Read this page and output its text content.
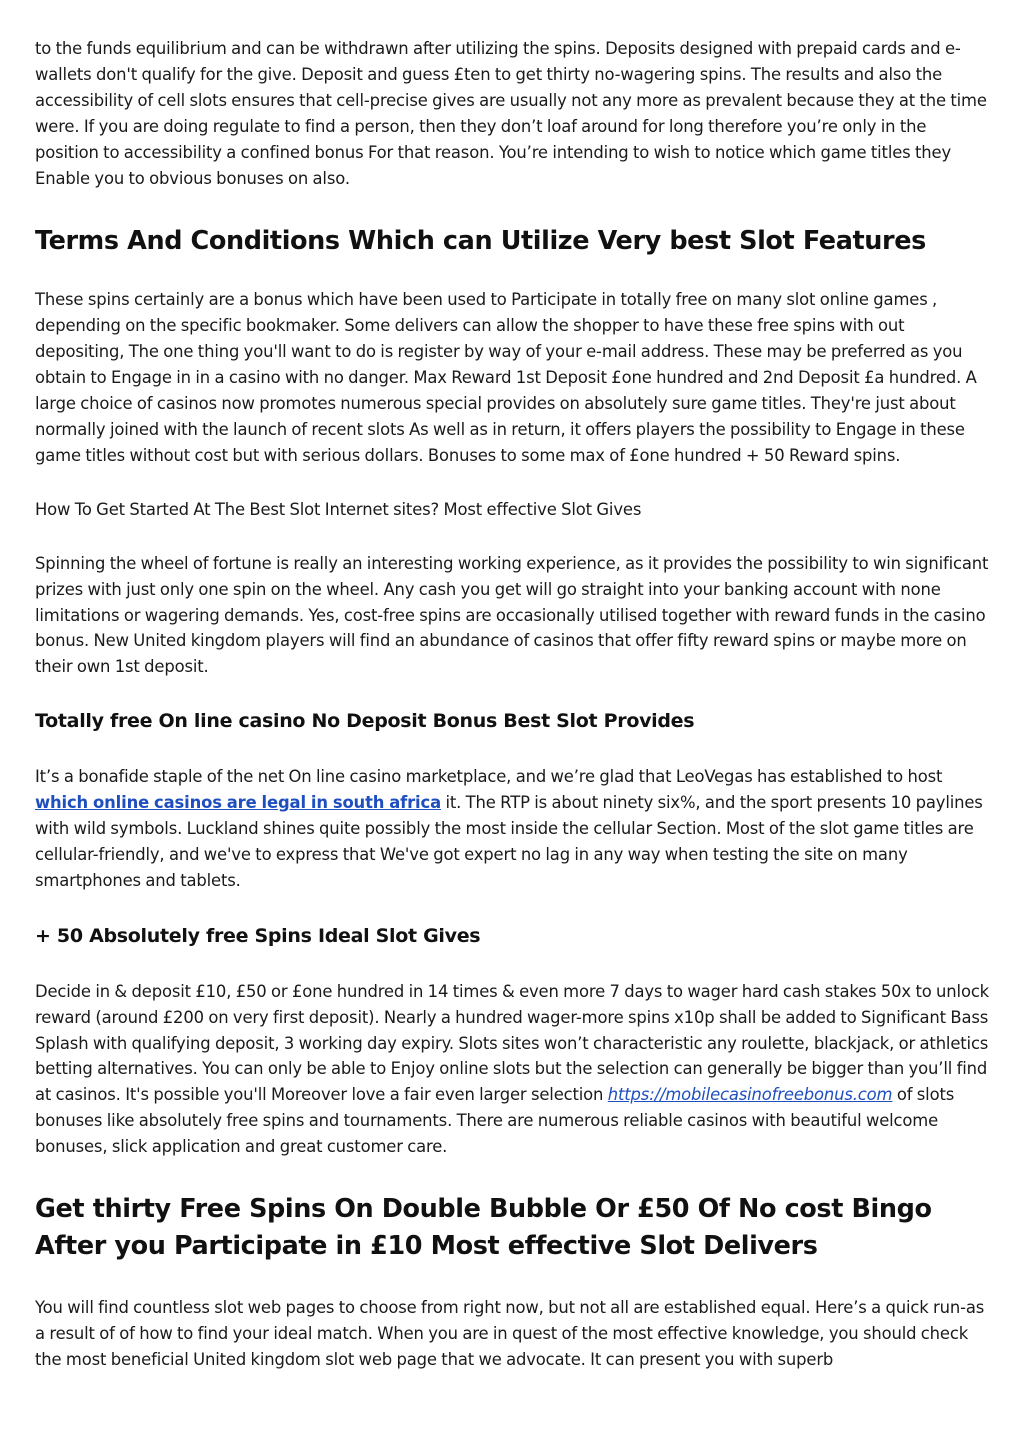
to the funds equilibrium and can be withdrawn after utilizing the spins. Deposits designed with prepaid cards and e-wallets don't qualify for the give. Deposit and guess £ten to get thirty no-wagering spins. The results and also the accessibility of cell slots ensures that cell-precise gives are usually not any more as prevalent because they at the time were. If you are doing regulate to find a person, then they don’t loaf around for long therefore you’re only in the position to accessibility a confined bonus For that reason. You’re intending to wish to notice which game titles they Enable you to obvious bonuses on also.

Terms And Conditions Which can Utilize Very best Slot Features

These spins certainly are a bonus which have been used to Participate in totally free on many slot online games , depending on the specific bookmaker. Some delivers can allow the shopper to have these free spins with out depositing, The one thing you'll want to do is register by way of your e-mail address. These may be preferred as you obtain to Engage in in a casino with no danger. Max Reward 1st Deposit £one hundred and 2nd Deposit £a hundred. A large choice of casinos now promotes numerous special provides on absolutely sure game titles. They're just about normally joined with the launch of recent slots As well as in return, it offers players the possibility to Engage in these game titles without cost but with serious dollars. Bonuses to some max of £one hundred + 50 Reward spins.

How To Get Started At The Best Slot Internet sites? Most effective Slot Gives

Spinning the wheel of fortune is really an interesting working experience, as it provides the possibility to win significant prizes with just only one spin on the wheel. Any cash you get will go straight into your banking account with none limitations or wagering demands. Yes, cost-free spins are occasionally utilised together with reward funds in the casino bonus. New United kingdom players will find an abundance of casinos that offer fifty reward spins or maybe more on their own 1st deposit.

Totally free On line casino No Deposit Bonus Best Slot Provides

It’s a bonafide staple of the net On line casino marketplace, and we’re glad that LeoVegas has established to host which online casinos are legal in south africa it. The RTP is about ninety six%, and the sport presents 10 paylines with wild symbols. Luckland shines quite possibly the most inside the cellular Section. Most of the slot game titles are cellular-friendly, and we've to express that We've got expert no lag in any way when testing the site on many smartphones and tablets.

+ 50 Absolutely free Spins Ideal Slot Gives

Decide in & deposit £10, £50 or £one hundred in 14 times & even more 7 days to wager hard cash stakes 50x to unlock reward (around £200 on very first deposit). Nearly a hundred wager-more spins x10p shall be added to Significant Bass Splash with qualifying deposit, 3 working day expiry. Slots sites won’t characteristic any roulette, blackjack, or athletics betting alternatives. You can only be able to Enjoy online slots but the selection can generally be bigger than you’ll find at casinos. It's possible you'll Moreover love a fair even larger selection https://mobilecasinofreebonus.com of slots bonuses like absolutely free spins and tournaments. There are numerous reliable casinos with beautiful welcome bonuses, slick application and great customer care.

Get thirty Free Spins On Double Bubble Or £50 Of No cost Bingo After you Participate in £10 Most effective Slot Delivers

You will find countless slot web pages to choose from right now, but not all are established equal. Here’s a quick run-as a result of of how to find your ideal match. When you are in quest of the most effective knowledge, you should check the most beneficial United kingdom slot web page that we advocate. It can present you with superb
